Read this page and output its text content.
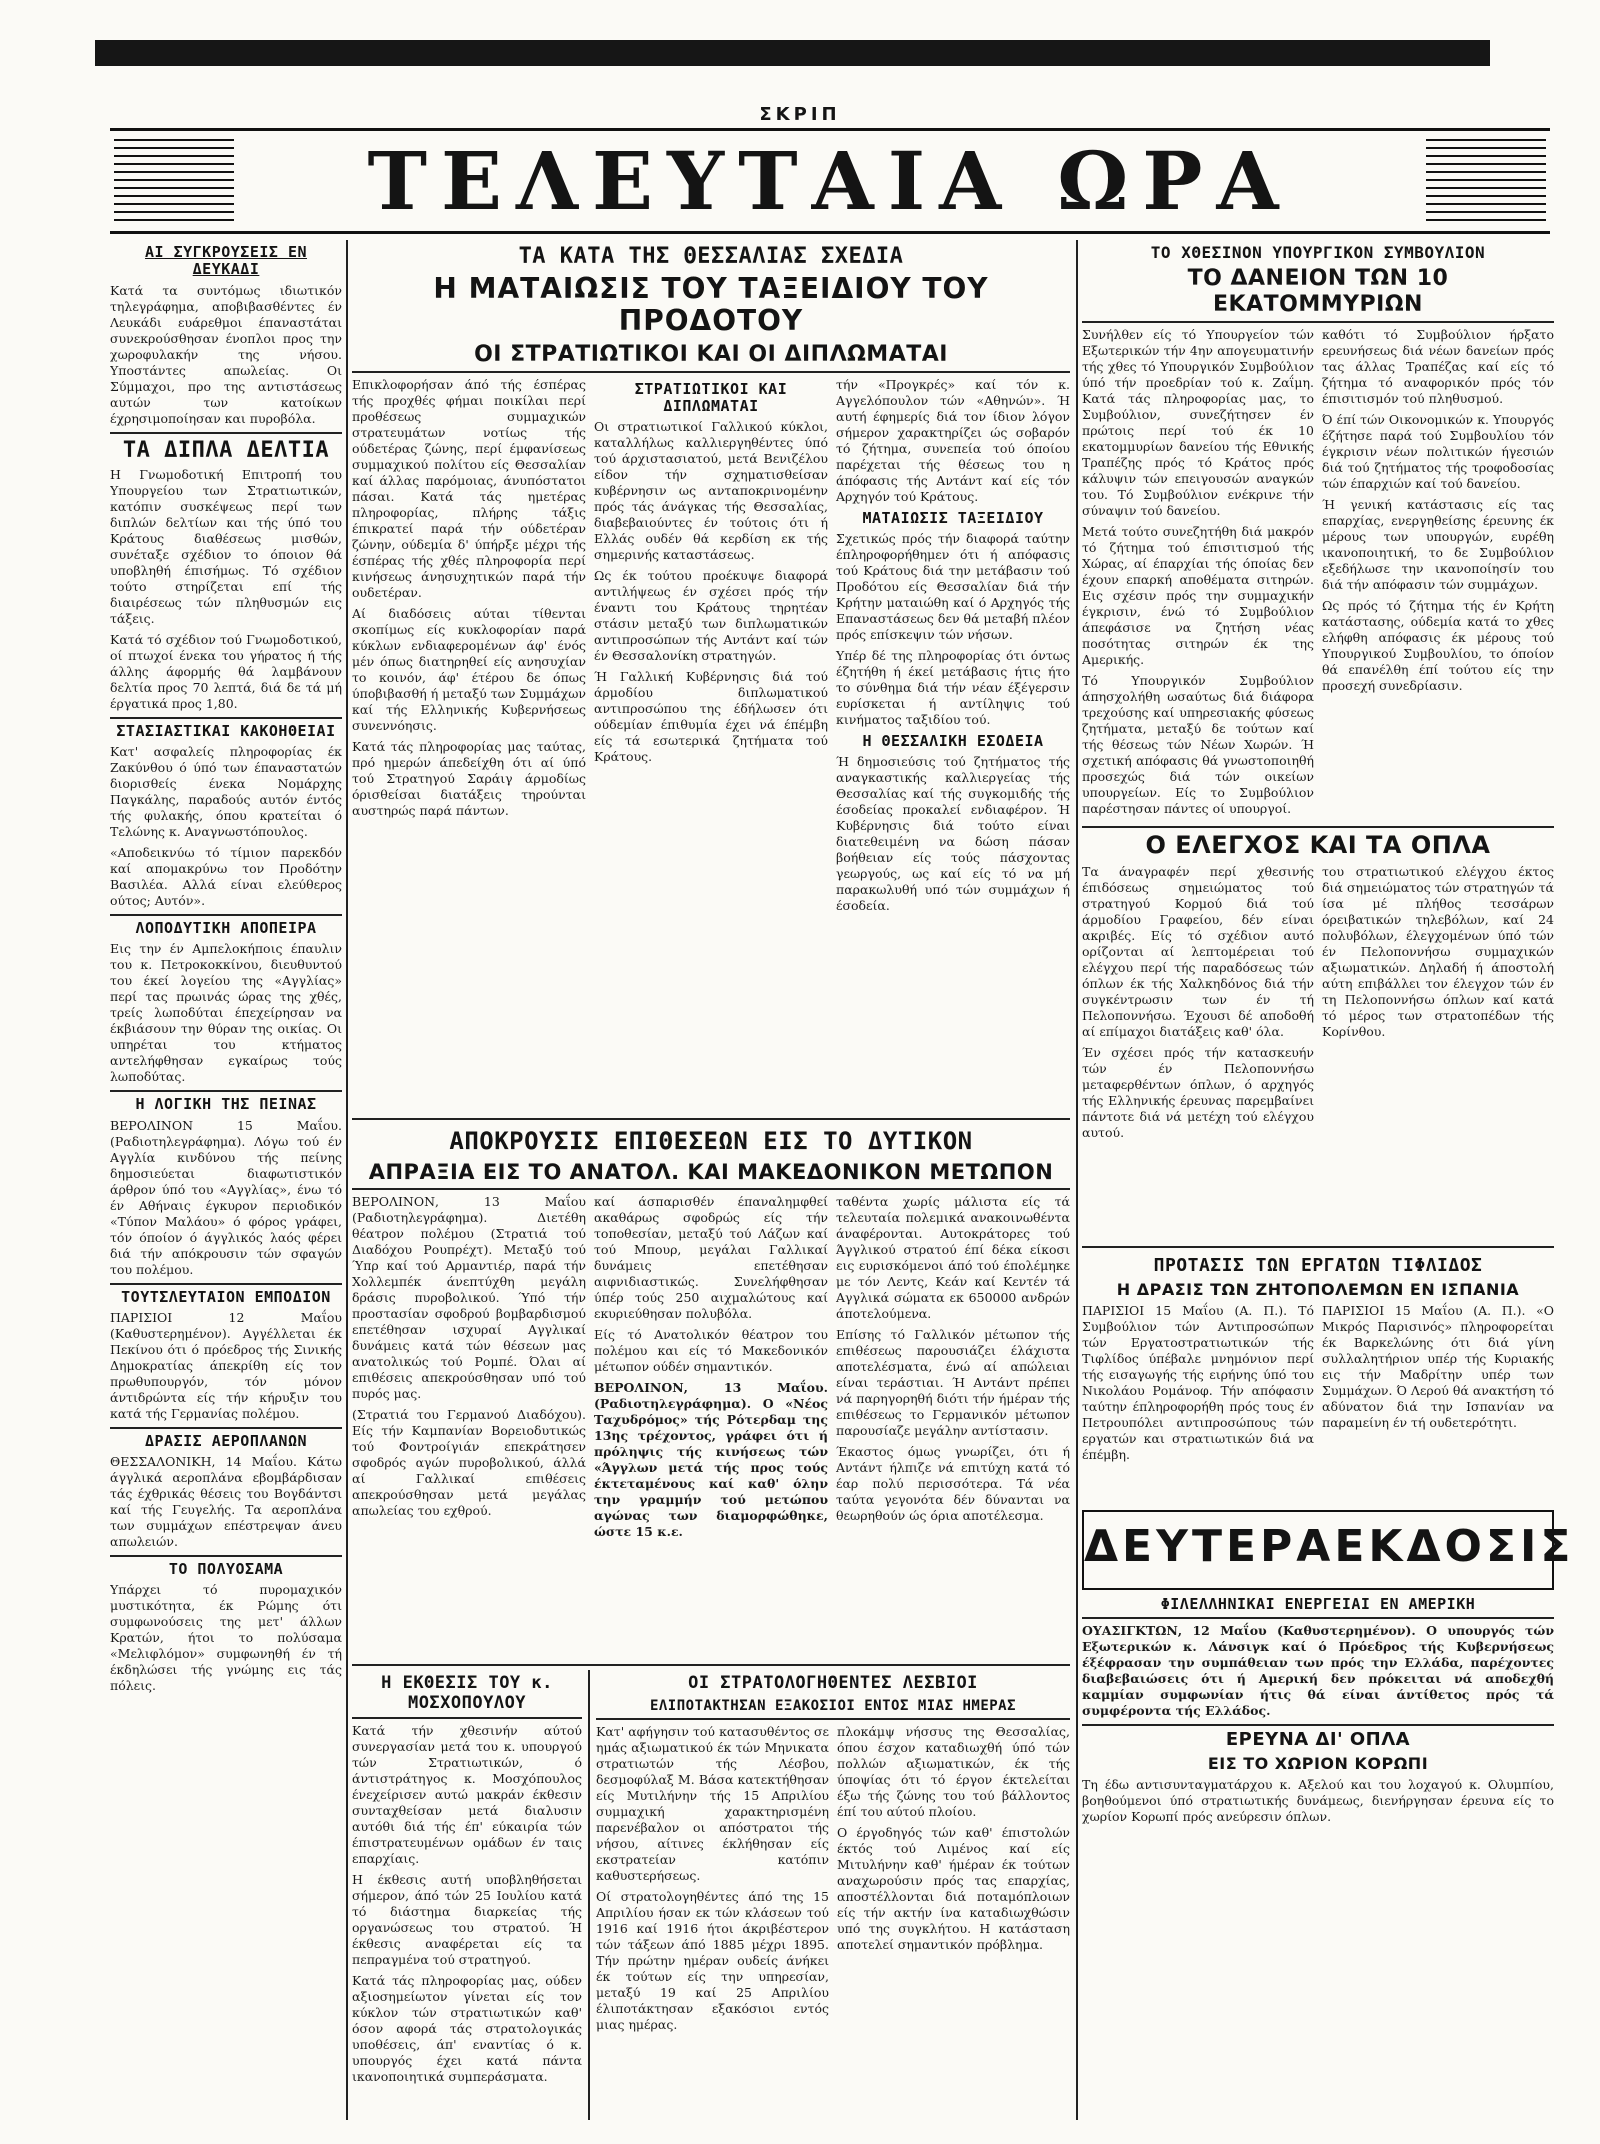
ΣΚΡΙΠ
ΤΕΛΕΥΤΑΙΑ ΩΡΑ
ΑΙ ΣΥΓΚΡΟΥΣΕΙΣ ΕΝ ΔΕΥΚΑΔΙ

Κατά τα συντόμως ιδιωτικόν τηλεγράφημα, αποβιβασθέντες έν Λευκάδι ευάρεθμοι έπαναστάται συνεκρούσθησαν ένοπλοι προς την χωροφυλακήν της νήσου. Υποστάντες απωλείας. Οι Σύμμαχοι, προ της αντιστάσεως αυτών των κατοίκων έχρησιμοποίησαν και πυροβόλα.

ΤΑ ΔΙΠΛΑ ΔΕΛΤΙΑ

Η Γνωμοδοτική Επιτροπή του Υπουργείου των Στρατιωτικών, κατόπιν συσκέψεως περί των διπλών δελτίων και τής ύπό του Κράτους διαθέσεως μισθών, συνέταξε σχέδιον το όποιον θά υποβληθή έπισήμως. Τό σχέδιον τούτο στηρίζεται επί τής διαιρέσεως τών πληθυσμών εις τάξεις.

Κατά τό σχέδιον τού Γνωμοδοτικού, οί πτωχοί ένεκα του γήρατος ή τής άλλης άφορμής θά λαμβάνουν δελτία προς 70 λεπτά, διά δε τά μή έργατικά προς 1,80.

ΣΤΑΣΙΑΣΤΙΚΑΙ ΚΑΚΟΗΘΕΙΑΙ

Κατ' ασφαλείς πληροφορίας έκ Ζακύνθου ό ύπό των έπαναστατών διορισθείς ένεκα Νομάρχης Παγκάλης, παραδούς αυτόν έντός τής φυλακής, όπου κρατείται ό Τελώνης κ. Αναγνωστόπουλος.

«Αποδεικνύω τό τίμιον παρεκδόν καί απομακρύνω τον Προδότην Βασιλέα. Αλλά είναι ελεύθερος ούτος; Αυτόν».

ΛΟΠΟΔΥΤΙΚΗ ΑΠΟΠΕΙΡΑ

Εις την έν Αμπελοκήποις έπαυλιν του κ. Πετροκοκκίνου, διευθυντού του έκεί λογείου της «Αγγλίας» περί τας πρωινάς ώρας της χθές, τρείς λωποδύται έπεχείρησαν να έκβιάσουν την θύραν της οικίας. Οι υπηρέται του κτήματος αντελήφθησαν εγκαίρως τούς λωποδύτας.

Η ΛΟΓΙΚΗ ΤΗΣ ΠΕΙΝΑΣ

ΒΕΡΟΛΙΝΟΝ 15 Μαΐου. (Ραδιοτηλεγράφημα). Λόγω τού έν Αγγλία κινδύνου τής πείνης δημοσιεύεται διαφωτιστικόν άρθρον ύπό του «Αγγλίας», ένω τό έν Αθήναις έγκυρον περιοδικόν «Τύπον Μαλάου» ό φόρος γράφει, τόν όποίον ό άγγλικός λαός φέρει διά τήν απόκρουσιν τών σφαγών του πολέμου.

ΤΟΥΤΣΛΕΥΤΑΙΟΝ ΕΜΠΟΔΙΟΝ

ΠΑΡΙΣΙΟΙ 12 Μαΐου (Καθυστερημένον). Αγγέλλεται έκ Πεκίνου ότι ό πρόεδρος τής Σινικής Δημοκρατίας άπεκρίθη είς τον πρωθυπουργόν, τόν μόνον άντιδρώντα είς τήν κήρυξιν του κατά τής Γερμανίας πολέμου.

ΔΡΑΣΙΣ ΑΕΡΟΠΛΑΝΩΝ

ΘΕΣΣΑΛΟΝΙΚΗ, 14 Μαΐου. Κάτω άγγλικά αεροπλάνα εβομβάρδισαν τάς έχθρικάς θέσεις του Βογδάντσι καί τής Γευγελής. Τα αεροπλάνα των συμμάχων επέστρεψαν άνευ απωλειών.

ΤΟ ΠΟΛΥΟΣΑΜΑ

Υπάρχει τό πυρομαχικόν μυστικότητα, έκ Ρώμης ότι συμφωνούσεις της μετ' άλλων Κρατών, ήτοι το πολύσαμα «Μελιφλόμον» συμφωνηθή έν τή έκδηλώσει τής γνώμης εις τάς πόλεις.

ΤΑ ΚΑΤΑ ΤΗΣ ΘΕΣΣΑΛΙΑΣ ΣΧΕΔΙΑ
Η ΜΑΤΑΙΩΣΙΣ ΤΟΥ ΤΑΞΕΙΔΙΟΥ ΤΟΥ ΠΡΟΔΟΤΟΥ
ΟΙ ΣΤΡΑΤΙΩΤΙΚΟΙ ΚΑΙ ΟΙ ΔΙΠΛΩΜΑΤΑΙ

Επικλοφορήσαν άπό τής έσπέρας τής προχθές φήμαι ποικίλαι περί προθέσεως συμμαχικών στρατευμάτων νοτίως τής ούδετέρας ζώνης, περί έμφανίσεως συμμαχικού πολίτου είς Θεσσαλίαν καί άλλας παρόμοιας, άνυπόστατοι πάσαι. Κατά τάς ημετέρας πληροφορίας, πλήρης τάξις έπικρατεί παρά τήν ούδετέραν ζώνην, ούδεμία δ' ύπήρξε μέχρι τής έσπέρας τής χθές πληροφορία περί κινήσεως άνησυχητικών παρά τήν ουδετέραν.

Αί διαδόσεις αύται τίθενται σκοπίμως είς κυκλοφορίαν παρά κύκλων ενδιαφερομένων άφ' ένός μέν όπως διατηρηθεί είς ανησυχίαν το κοινόν, άφ' έτέρου δε όπως ύποβιβασθή ή μεταξύ των Συμμάχων καί τής Ελληνικής Κυβερνήσεως συνεννόησις.

Κατά τάς πληροφορίας μας ταύτας, πρό ημερών άπεδείχθη ότι αί ύπό τού Στρατηγού Σαράιγ άρμοδίως όρισθείσαι διατάξεις τηρούνται αυστηρώς παρά πάντων.

ΣΤΡΑΤΙΩΤΙΚΟΙ ΚΑΙ ΔΙΠΛΩΜΑΤΑΙ

Οι στρατιωτικοί Γαλλικού κύκλοι, καταλλήλως καλλιεργηθέντες ύπό τού άρχιστασιατού, μετά Βενιζέλου είδον τήν σχηματισθείσαν κυβέρνησιν ως ανταποκρινομένην πρός τάς άνάγκας τής Θεσσαλίας, διαβεβαιούντες έν τούτοις ότι ή Ελλάς ουδέν θά κερδίση εκ τής σημερινής καταστάσεως.

Ως έκ τούτου προέκυψε διαφορά αντιλήψεως έν σχέσει πρός τήν έναντι του Κράτους τηρητέαν στάσιν μεταξύ των διπλωματικών αντιπροσώπων τής Αντάντ καί τών έν Θεσσαλονίκη στρατηγών.

Ή Γαλλική Κυβέρνησις διά τού άρμοδίου διπλωματικού αντιπροσώπου της έδήλωσεν ότι ούδεμίαν έπιθυμία έχει νά έπέμβη είς τά εσωτερικά ζητήματα τού Κράτους.

τήν «Προγκρές» καί τόν κ. Αγγελόπουλον τών «Αθηνών». Ή αυτή έφημερίς διά τον ίδιον λόγον σήμερον χαρακτηρίζει ώς σοβαρόν τό ζήτημα, συνεπεία τού όποίου παρέχεται τής θέσεως του η άπόφασις τής Αντάντ καί είς τόν Αρχηγόν τού Κράτους.

ΜΑΤΑΙΩΣΙΣ ΤΑΞΕΙΔΙΟΥ

Σχετικώς πρός τήν διαφορά ταύτην έπληροφορήθημεν ότι ή απόφασις τού Κράτους διά την μετάβασιν τού Προδότου είς Θεσσαλίαν διά τήν Κρήτην ματαιώθη καί ό Αρχηγός τής Επαναστάσεως δεν θά μεταβή πλέον πρός επίσκεψιν τών νήσων.

Υπέρ δέ της πληροφορίας ότι όντως έζητήθη ή έκεί μετάβασις ήτις ήτο το σύνθημα διά τήν νέαν έξέγερσιν ευρίσκεται ή αντίληψις τού κινήματος ταξιδίου τού.

Η ΘΕΣΣΑΛΙΚΗ ΕΣΟΔΕΙΑ

Ή δημοσιεύσις τού ζητήματος τής αναγκαστικής καλλιεργείας τής Θεσσαλίας καί τής συγκομιδής τής έσοδείας προκαλεί ενδιαφέρον. Ή Κυβέρνησις διά τούτο είναι διατεθειμένη να δώση πάσαν βοήθειαν είς τούς πάσχοντας γεωργούς, ως καί είς τό να μή παρακωλυθή υπό τών συμμάχων ή έσοδεία.

ΑΠΟΚΡΟΥΣΙΣ ΕΠΙΘΕΣΕΩΝ ΕΙΣ ΤΟ ΔΥΤΙΚΟΝ
ΑΠΡΑΞΙΑ ΕΙΣ ΤΟ ΑΝΑΤΟΛ. ΚΑΙ ΜΑΚΕΔΟΝΙΚΟΝ ΜΕΤΩΠΟΝ

ΒΕΡΟΛΙΝΟΝ, 13 Μαΐου (Ραδιοτηλεγράφημα). Διετέθη θέατρον πολέμου (Στρατιά τού Διαδόχου Ρουπρέχτ). Μεταξύ τού Ύπρ καί τού Αρμαντιέρ, παρά τήν Χολλεμπέκ άνεπτύχθη μεγάλη δράσις πυροβολικού. Ύπό τήν προστασίαν σφοδρού βομβαρδισμού επετέθησαν ισχυραί Αγγλικαί δυνάμεις κατά τών θέσεων μας ανατολικώς τού Ρομπέ. Όλαι αί επιθέσεις απεκρούσθησαν υπό τού πυρός μας.

(Στρατιά του Γερμανού Διαδόχου). Είς τήν Καμπανίαν Βορειοδυτικώς τού Φοντροίγιάν επεκράτησεν σφοδρός αγών πυροβολικού, άλλά αί Γαλλικαί επιθέσεις απεκρούσθησαν μετά μεγάλας απωλείας του εχθρού.

καί άσπαρισθέν έπαναλημφθεί ακαθάρως σφοδρώς είς τήν τοποθεσίαν, μεταξύ τού Λάζων καί τού Μπουρ, μεγάλαι Γαλλικαί δυνάμεις επετέθησαν αιφνιδιαστικώς. Συνελήφθησαν ύπέρ τούς 250 αιχμαλώτους καί εκυριεύθησαν πολυβόλα.

Είς τό Ανατολικόν θέατρον του πολέμου και είς τό Μακεδονικόν μέτωπον ούδέν σημαντικόν.

ΒΕΡΟΛΙΝΟΝ, 13 Μαΐου. (Ραδιοτηλεγράφημα). Ο «Νέος Ταχυδρόμος» τής Ρότερδαμ της 13ης τρέχοντος, γράφει ότι ή πρόληψις τής κινήσεως τών «Άγγλων μετά τής προς τούς έκτεταμένους καί καθ' όλην την γραμμήν τού μετώπου αγώνας των διαμορφώθηκε, ώστε 15 κ.ε.

ταθέντα χωρίς μάλιστα είς τά τελευταία πολεμικά ανακοινωθέντα άναφέρονται. Αυτοκράτορες τού Άγγλικού στρατού έπί δέκα είκοσι εις ευρισκόμενοι άπό τού έπολέμηκε με τόν Λεντς, Κεάν καί Κεντέν τά Αγγλικά σώματα εκ 650000 ανδρών άποτελούμενα.

Επίσης τό Γαλλικόν μέτωπον τής επιθέσεως παρουσιάζει έλάχιστα αποτελέσματα, ένώ αί απώλειαι είναι τεράστιαι. Ή Αντάντ πρέπει νά παρηγορηθή διότι τήν ήμέραν τής επιθέσεως το Γερμανικόν μέτωπον παρουσίαζε μεγάλην αντίστασιν.

Έκαστος όμως γνωρίζει, ότι ή Αντάντ ήλπιζε νά επιτύχη κατά τό έαρ πολύ περισσότερα. Τά νέα ταύτα γεγονότα δέν δύνανται να θεωρηθούν ώς όρια αποτέλεσμα.

Η ΕΚΘΕΣΙΣ ΤΟΥ κ. ΜΟΣΧΟΠΟΥΛΟΥ

Κατά τήν χθεσινήν αύτού συνεργασίαν μετά του κ. υπουργού τών Στρατιωτικών, ό άντιστράτηγος κ. Μοσχόπουλος ένεχείρισεν αυτώ μακράν έκθεσιν συνταχθείσαν μετά διαλυσιν αυτόθι διά τής έπ' εύκαιρία τών έπιστρατευμένων ομάδων έν ταις επαρχίαις.

Η έκθεσις αυτή υποβληθήσεται σήμερον, άπό τών 25 Ιουλίου κατά τό διάστημα διαρκείας τής οργανώσεως του στρατού. Ή έκθεσις αναφέρεται είς τα πεπραγμένα τού στρατηγού.

Κατά τάς πληροφορίας μας, ούδεν αξιοσημείωτον γίνεται είς τον κύκλον τών στρατιωτικών καθ' όσον αφορά τάς στρατολογικάς υποθέσεις, άπ' εναντίας ό κ. υπουργός έχει κατά πάντα ικανοποιητικά συμπεράσματα.

ΟΙ ΣΤΡΑΤΟΛΟΓΗΘΕΝΤΕΣ ΛΕΣΒΙΟΙ
ΕΛΙΠΟΤΑΚΤΗΣΑΝ ΕΞΑΚΟΣΙΟΙ ΕΝΤΟΣ ΜΙΑΣ ΗΜΕΡΑΣ

Κατ' αφήγησιν τού κατασυθέντος σε ημάς αξιωματικού έκ τών Μηνικατα στρατιωτών τής Λέσβου, δεσμοφύλαξ Μ. Βάσα κατεκτήθησαν είς Μυτιλήνην τής 15 Απριλίου συμμαχική χαρακτηρισμένη παρενέβαλον οι απόστρατοι τής νήσου, αίτινες έκλήθησαν είς εκστρατείαν κατόπιν καθυστερήσεως.

Οί στρατολογηθέντες άπό της 15 Απριλίου ήσαν εκ τών κλάσεων τού 1916 καί 1916 ήτοι άκριβέστερον τών τάξεων άπό 1885 μέχρι 1895. Τήν πρώτην ημέραν ουδείς άνήκει έκ τούτων είς την υπηρεσίαν, μεταξύ 19 καί 25 Απριλίου έλιποτάκτησαν εξακόσιοι εντός μιας ημέρας.

πλοκάμψ νήσσυς της Θεσσαλίας, όπου έσχον καταδιωχθή ύπό τών πολλών αξιωματικών, έκ τής ύποψίας ότι τό έργον έκτελείται έξω τής ζώνης του τού βάλλοντος έπί του αύτού πλοίου.

Ο έργοδηγός τών καθ' έπιστολών έκτός τού Λιμένος καί είς Μιτυλήνην καθ' ήμέραν έκ τούτων αναχωρούσιν πρός τας επαρχίας, αποστέλλονται διά ποταμόπλοιων είς τήν ακτήν ίνα καταδιωχθώσιν υπό της συγκλήτου. Η κατάσταση αποτελεί σημαντικόν πρόβλημα.

ΤΟ ΧΘΕΣΙΝΟΝ ΥΠΟΥΡΓΙΚΟΝ ΣΥΜΒΟΥΛΙΟΝ
ΤΟ ΔΑΝΕΙΟΝ ΤΩΝ 10 ΕΚΑΤΟΜΜΥΡΙΩΝ

Συνήλθεν είς τό Υπουργείον τών Εξωτερικών τήν 4ην απογευματινήν τής χθες τό Υπουργικόν Συμβούλιον ύπό τήν προεδρίαν τού κ. Ζαΐμη. Κατά τάς πληροφορίας μας, το Συμβούλιον, συνεζήτησεν έν πρώτοις περί τού έκ 10 εκατομμυρίων δανείου τής Εθνικής Τραπέζης πρός τό Κράτος πρός κάλυψιν τών επειγουσών αναγκών του. Τό Συμβούλιον ενέκρινε τήν σύναψιν τού δανείου.

Μετά τούτο συνεζητήθη διά μακρόν τό ζήτημα τού έπισιτισμού τής Χώρας, αί έπαρχίαι τής όποίας δεν έχουν επαρκή αποθέματα σιτηρών. Εις σχέσιν πρός την συμμαχικήν έγκρισιν, ένώ τό Συμβούλιον άπεφάσισε να ζητήση νέας ποσότητας σιτηρών έκ της Αμερικής.

Τό Υπουργικόν Συμβούλιον άπησχολήθη ωσαύτως διά διάφορα τρεχούσης καί υπηρεσιακής φύσεως ζητήματα, μεταξύ δε τούτων καί τής θέσεως τών Νέων Χωρών. Ή σχετική απόφασις θά γνωστοποιηθή προσεχώς διά τών οικείων υπουργείων. Είς το Συμβούλιον παρέστησαν πάντες οί υπουργοί.

καθότι τό Συμβούλιον ήρξατο ερευνήσεως διά νέων δανείων πρός τας άλλας Τραπέζας καί είς τό ζήτημα τό αναφορικόν πρός τόν έπισιτισμόν τού πληθυσμού.

Ό έπί τών Οικονομικών κ. Υπουργός έζήτησε παρά τού Συμβουλίου τόν έγκρισιν νέων πολιτικών ήγεσιών διά τού ζητήματος τής τροφοδοσίας τών έπαρχιών καί τού δανείου.

Ή γενική κατάστασις είς τας επαρχίας, ενεργηθείσης έρευνης έκ μέρους των υπουργών, ευρέθη ικανοποιητική, το δε Συμβούλιον εξεδήλωσε την ικανοποίησίν του διά τήν απόφασιν τών συμμάχων.

Ως πρός τό ζήτημα τής έν Κρήτη κατάστασης, ούδεμία κατά το χθες ελήφθη απόφασις έκ μέρους τού Υπουργικού Συμβουλίου, το όποίον θά επανέλθη έπί τούτου είς την προσεχή συνεδρίασιν.

Ο ΕΛΕΓΧΟΣ ΚΑΙ ΤΑ ΟΠΛΑ

Τα άναγραφέν περί χθεσινής έπιδόσεως σημειώματος τού στρατηγού Κορμού διά τού άρμοδίου Γραφείου, δέν είναι ακριβές. Είς τό σχέδιον αυτό ορίζονται αί λεπτομέρειαι τού ελέγχου περί τής παραδόσεως τών όπλων έκ τής Χαλκηδόνος διά τήν συγκέντρωσιν των έν τή Πελοποννήσω. Έχουσι δέ αποδοθή αί επίμαχοι διατάξεις καθ' όλα.

Έν σχέσει πρός τήν κατασκευήν τών έν Πελοποννήσω μεταφερθέντων όπλων, ό αρχηγός τής Ελληνικής έρευνας παρεμβαίνει πάντοτε διά νά μετέχη τού ελέγχου αυτού.

του στρατιωτικού ελέγχου έκτος διά σημειώματος τών στρατηγών τά ίσα μέ πλήθος τεσσάρων όρειβατικών τηλεβόλων, καί 24 πολυβόλων, έλεγχομένων ύπό τών έν Πελοποννήσω συμμαχικών αξιωματικών. Δηλαδή ή άποστολή αύτη επιβάλλει τον έλεγχον τών έν τη Πελοποννήσω όπλων καί κατά τό μέρος των στρατοπέδων τής Κορίνθου.

ΠΡΟΤΑΣΙΣ ΤΩΝ ΕΡΓΑΤΩΝ ΤΙΦΛΙΔΟΣ
Η ΔΡΑΣΙΣ ΤΩΝ ΖΗΤΟΠΟΛΕΜΩΝ ΕΝ ΙΣΠΑΝΙΑ

ΠΑΡΙΣΙΟΙ 15 Μαΐου (Α. Π.). Τό Συμβούλιον τών Αντιπροσώπων τών Εργατοστρατιωτικών τής Τιφλίδος ύπέβαλε μνημόνιον περί τής εισαγωγής τής ειρήνης ύπό του Νικολάου Ρομάνοφ. Τήν απόφασιν ταύτην έπληροφορήθη πρός τους έν Πετρουπόλει αντιπροσώπους τών εργατών και στρατιωτικών διά να έπέμβη.

ΠΑΡΙΣΙΟΙ 15 Μαΐου (Α. Π.). «Ο Μικρός Παρισινός» πληροφορείται έκ Βαρκελώνης ότι διά γίνη συλλαλητήριον υπέρ τής Κυριακής εις τήν Μαδρίτην υπέρ των Συμμάχων. Ό Λερού θά ανακτήση τό αδύνατον διά την Ισπανίαν να παραμείνη έν τή ουδετερότητι.

ΔΕΥΤΕΡΑΕΚΔΟΣΙΣ
ΦΙΛΕΛΛΗΝΙΚΑΙ ΕΝΕΡΓΕΙΑΙ ΕΝ ΑΜΕΡΙΚΗ

ΟΥΑΣΙΓΚΤΩΝ, 12 Μαΐου (Καθυστερημένον). Ο υπουργός τών Εξωτερικών κ. Λάνσιγκ καί ό Πρόεδρος τής Κυβερνήσεως έξέφρασαν την συμπάθειαν των πρός την Ελλάδα, παρέχοντες διαβεβαιώσεις ότι ή Αμερική δεν πρόκειται νά αποδεχθή καμμίαν συμφωνίαν ήτις θά είναι άντίθετος πρός τά συμφέροντα τής Ελλάδος.

ΕΡΕΥΝΑ ΔΙ' ΟΠΛΑ
ΕΙΣ ΤΟ ΧΩΡΙΟΝ ΚΟΡΩΠΙ

Τη έδω αντισυνταγματάρχου κ. Αξελού και του λοχαγού κ. Ολυμπίου, βοηθούμενοι ύπό στρατιωτικής δυνάμεως, διενήργησαν έρευνα είς το χωρίον Κορωπί πρός ανεύρεσιν όπλων.
